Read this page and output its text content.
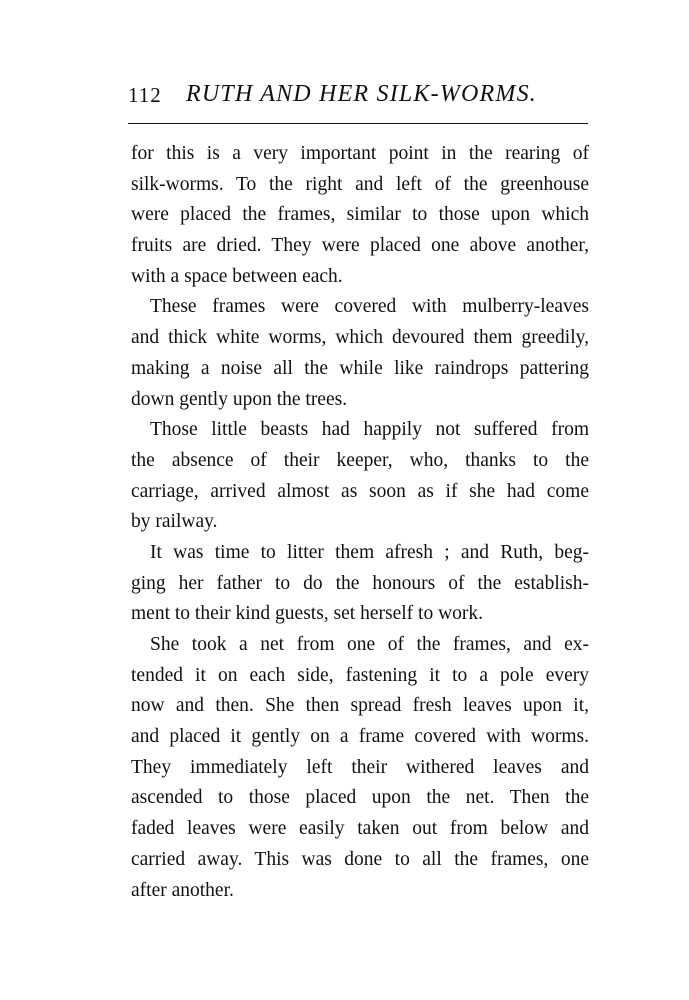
112 RUTH AND HER SILK-WORMS.

for this is a very important point in the rearing of
silk-worms. To the right and left of the greenhouse
were placed the frames, similar to those upon which
fruits are dried. They were placed one above another,
with a space between each.

These frames were covered with mulberry-leaves
and thick white worms, which devoured them greedily,
making a noise all the while like raindrops pattering
down gently upon the trees.

Those little beasts had happily not suffered from
the absence of their keeper, who, thanks to the
carriage, arrived almost as soon as if she had come
by railway.

It was time to litter them afresh ; and Ruth, beg-
ging her father to do the honours of the establish-
ment to their kind guests, set herself to work.

She took a net from one of the frames, and ex-
tended it on each side, fastening it to a pole every
now and then. She then spread fresh leaves upon it,
and placed it gently on a frame covered with worms.
They immediately left their withered leaves and
ascended to those placed upon the net. Then the
faded leaves were easily taken out from below and
carried away. This was done to all the frames, one
after another.
